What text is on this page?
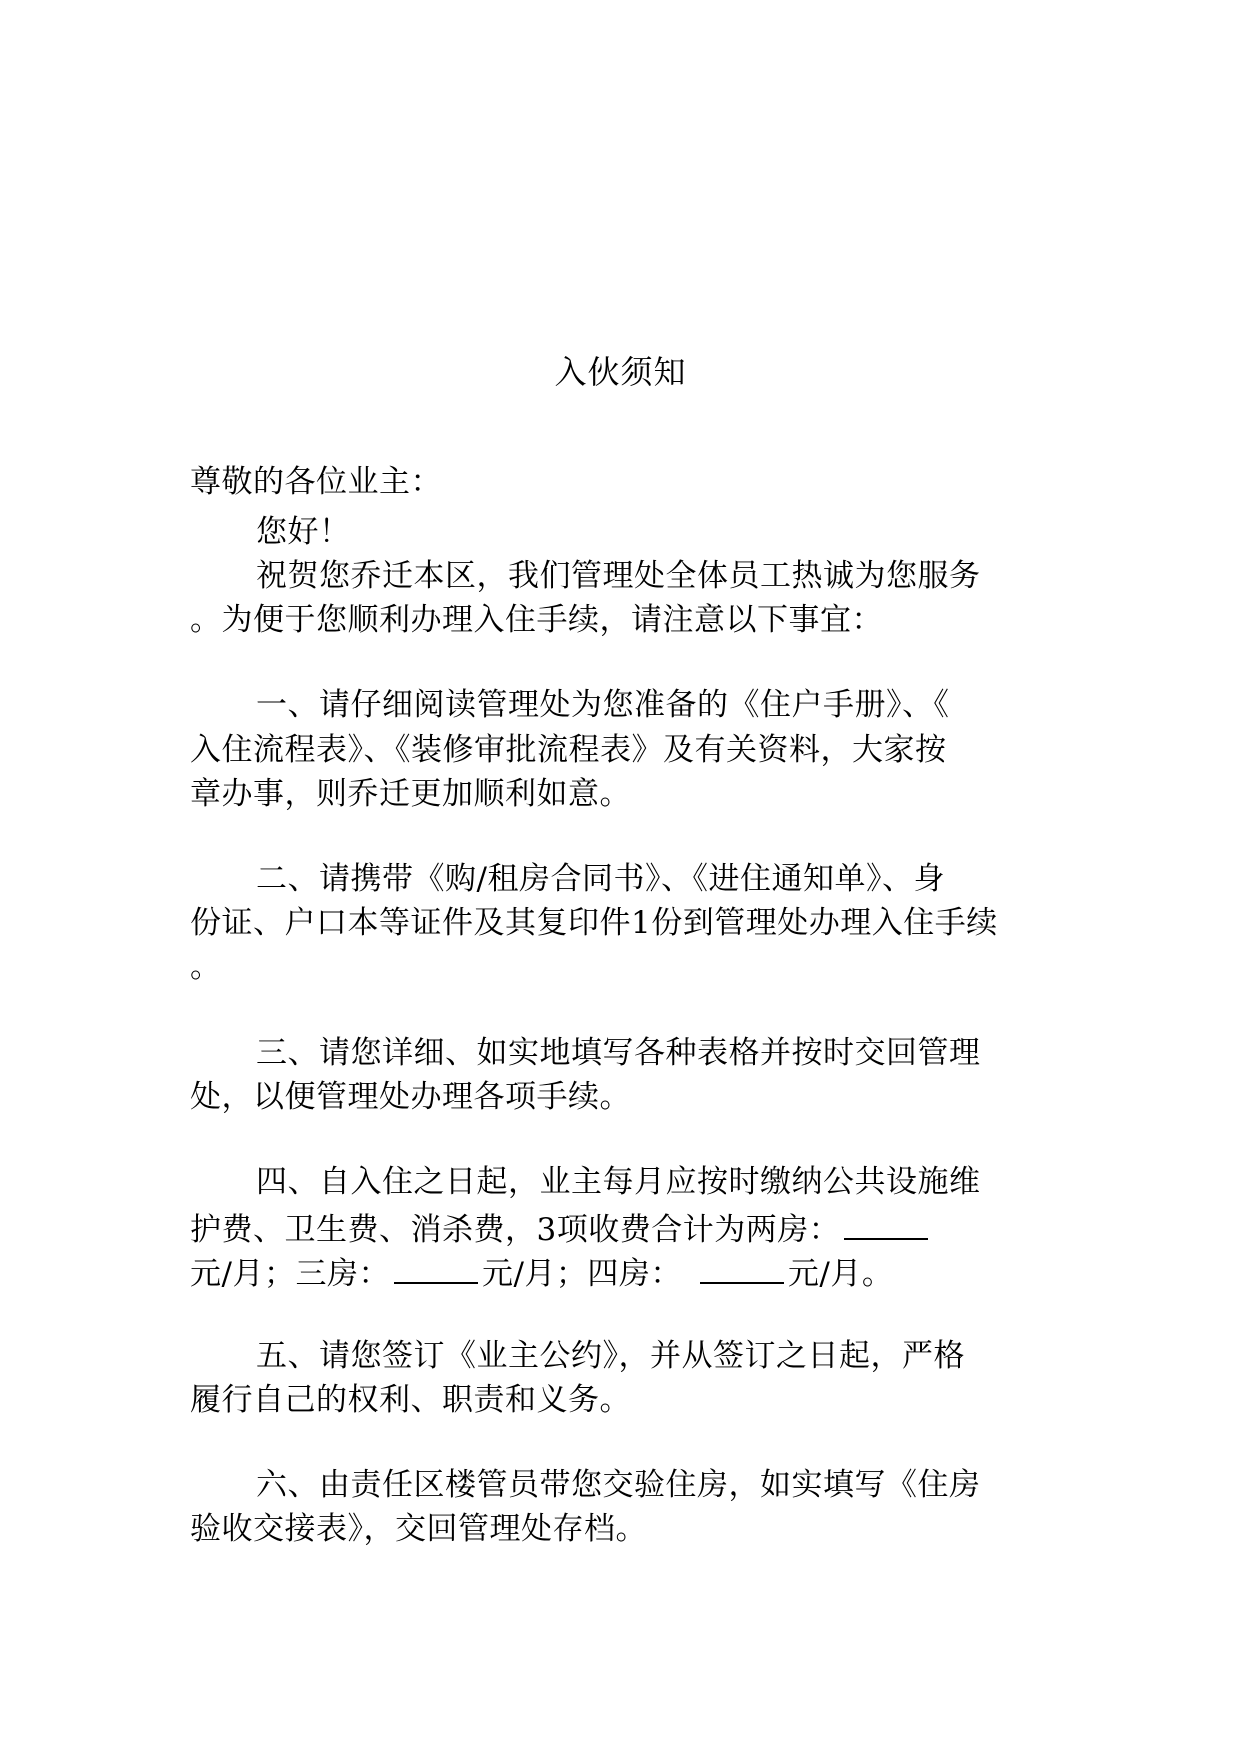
入伙须知
尊敬的各位业主：
您好！
祝贺您乔迁本区，我们管理处全体员工热诚为您服务
。为便于您顺利办理入住手续，请注意以下事宜：
一、请仔细阅读管理处为您准备的《住户手册》、《
入住流程表》、《装修审批流程表》及有关资料，大家按
章办事，则乔迁更加顺利如意。
二、请携带《购/租房合同书》、《进住通知单》、身
份证、户口本等证件及其复印件1份到管理处办理入住手续
。
三、请您详细、如实地填写各种表格并按时交回管理
处，以便管理处办理各项手续。
四、自入住之日起，业主每月应按时缴纳公共设施维
护费、卫生费、消杀费，3项收费合计为两房：
元/月；三房：	元/月；四房：	元/月。
五、请您签订《业主公约》，并从签订之日起，严格
履行自己的权利、职责和义务。
六、由责任区楼管员带您交验住房，如实填写《住房
验收交接表》，交回管理处存档。
